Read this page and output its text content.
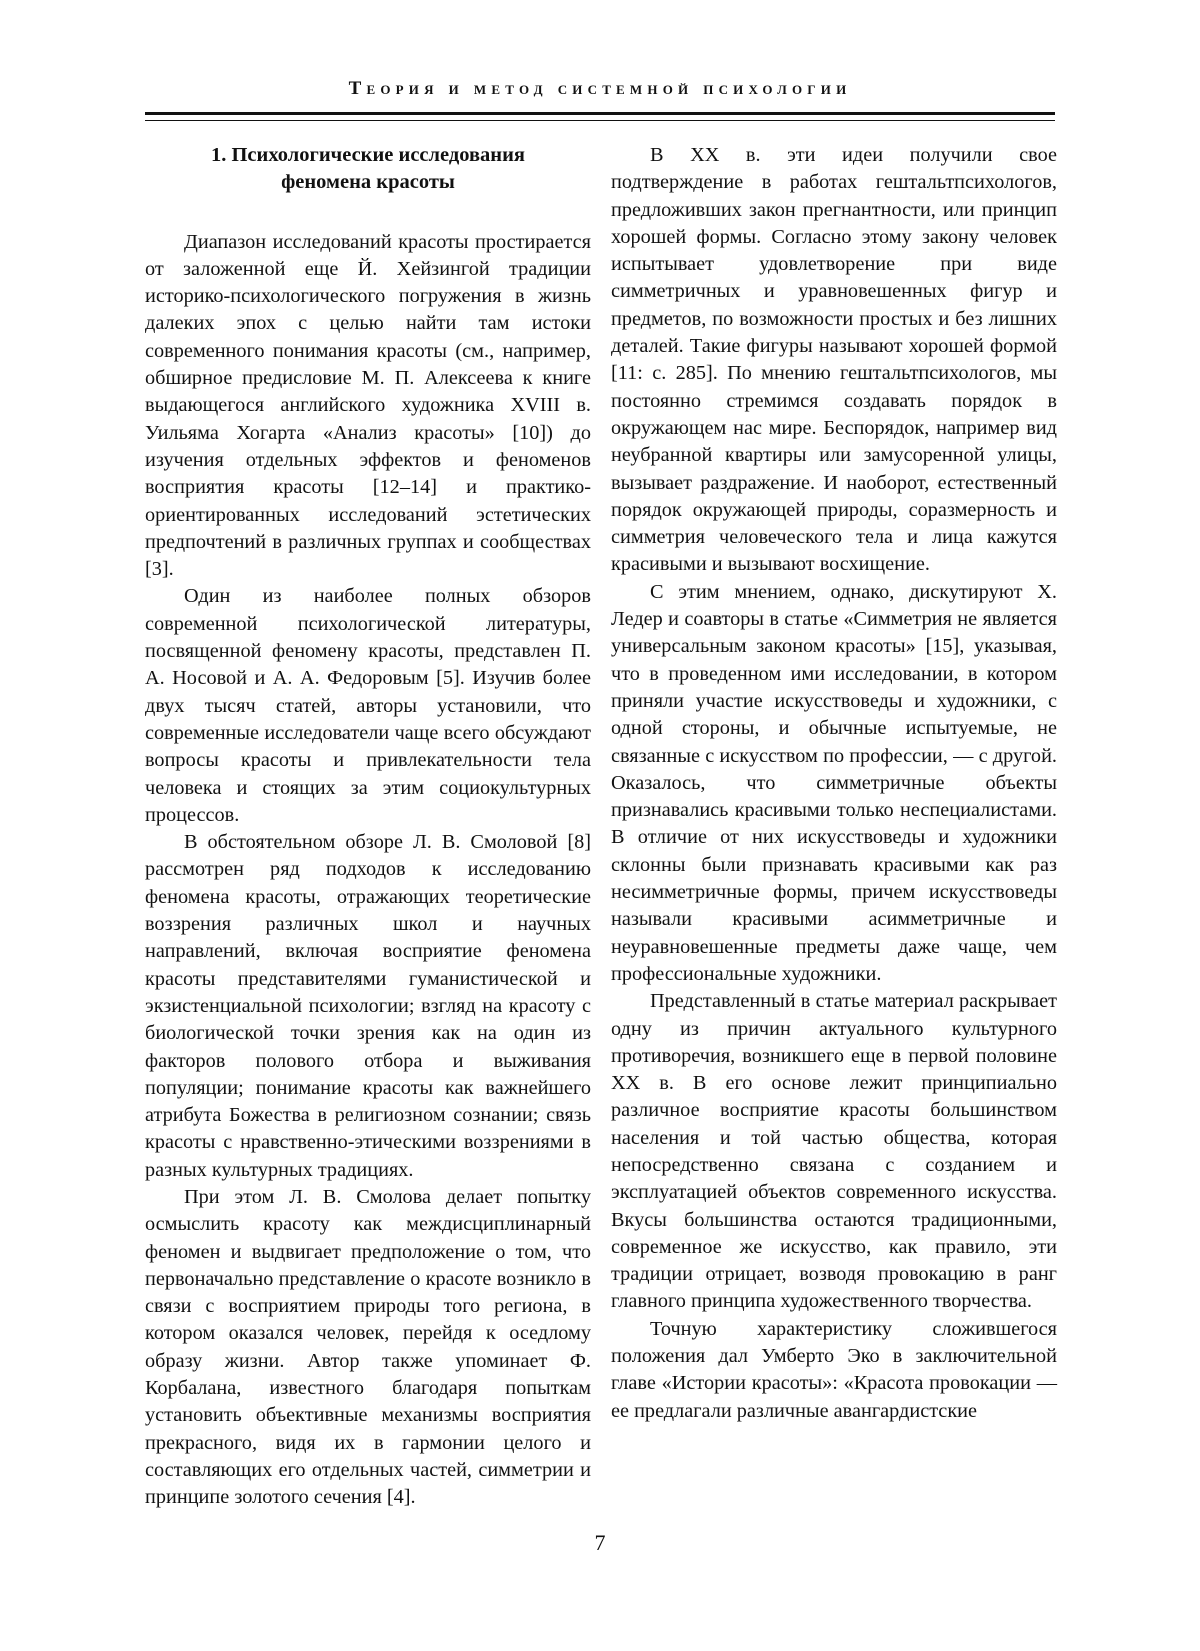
Теория и метод системной психологии
1. Психологические исследования
феномена красоты

Диапазон исследований красоты простирается от заложенной еще Й. Хейзингой традиции историко-психологического погружения в жизнь далеких эпох с целью найти там истоки современного понимания красоты (см., например, обширное предисловие М. П. Алексеева к книге выдающегося английского художника XVIII в. Уильяма Хогарта «Анализ красоты» [10]) до изучения отдельных эффектов и феноменов восприятия красоты [12–14] и практико-ориентированных исследований эстетических предпочтений в различных группах и сообществах [3].

Один из наиболее полных обзоров современной психологической литературы, посвященной феномену красоты, представлен П. А. Носовой и А. А. Федоровым [5]. Изучив более двух тысяч статей, авторы установили, что современные исследователи чаще всего обсуждают вопросы красоты и привлекательности тела человека и стоящих за этим социокультурных процессов.

В обстоятельном обзоре Л. В. Смоловой [8] рассмотрен ряд подходов к исследованию феномена красоты, отражающих теоретические воззрения различных школ и научных направлений, включая восприятие феномена красоты представителями гуманистической и экзистенциальной психологии; взгляд на красоту с биологической точки зрения как на один из факторов полового отбора и выживания популяции; понимание красоты как важнейшего атрибута Божества в религиозном сознании; связь красоты с нравственно-этическими воззрениями в разных культурных традициях.

При этом Л. В. Смолова делает попытку осмыслить красоту как междисциплинарный феномен и выдвигает предположение о том, что первоначально представление о красоте возникло в связи с восприятием природы того региона, в котором оказался человек, перейдя к оседлому образу жизни. Автор также упоминает Ф. Корбалана, известного благодаря попыткам установить объективные механизмы восприятия прекрасного, видя их в гармонии целого и составляющих его отдельных частей, симметрии и принципе золотого сечения [4].

В XX в. эти идеи получили свое подтверждение в работах гештальтпсихологов, предложивших закон прегнантности, или принцип хорошей формы. Согласно этому закону человек испытывает удовлетворение при виде симметричных и уравновешенных фигур и предметов, по возможности простых и без лишних деталей. Такие фигуры называют хорошей формой [11: с. 285]. По мнению гештальтпсихологов, мы постоянно стремимся создавать порядок в окружающем нас мире. Беспорядок, например вид неубранной квартиры или замусоренной улицы, вызывает раздражение. И наоборот, естественный порядок окружающей природы, соразмерность и симметрия человеческого тела и лица кажутся красивыми и вызывают восхищение.

С этим мнением, однако, дискутируют Х. Ледер и соавторы в статье «Симметрия не является универсальным законом красоты» [15], указывая, что в проведенном ими исследовании, в котором приняли участие искусствоведы и художники, с одной стороны, и обычные испытуемые, не связанные с искусством по профессии, — с другой. Оказалось, что симметричные объекты признавались красивыми только неспециалистами. В отличие от них искусствоведы и художники склонны были признавать красивыми как раз несимметричные формы, причем искусствоведы называли красивыми асимметричные и неуравновешенные предметы даже чаще, чем профессиональные художники.

Представленный в статье материал раскрывает одну из причин актуального культурного противоречия, возникшего еще в первой половине XX в. В его основе лежит принципиально различное восприятие красоты большинством населения и той частью общества, которая непосредственно связана с созданием и эксплуатацией объектов современного искусства. Вкусы большинства остаются традиционными, современное же искусство, как правило, эти традиции отрицает, возводя провокацию в ранг главного принципа художественного творчества.

Точную характеристику сложившегося положения дал Умберто Эко в заключительной главе «Истории красоты»: «Красота провокации — ее предлагали различные авангардистские

7
